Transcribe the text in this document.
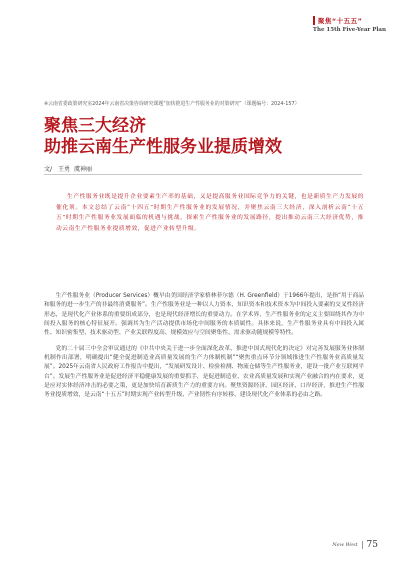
聚焦“十五五”
The 15th Five-Year Plan
※云南省委政策研究室2024年云南省决策咨询研究课题“加快推进生产性服务业的对策研究”（课题编号：2024-157）
聚焦三大经济
助推云南生产性服务业提质增效
文/ 王勇 虞神丽

生产性服务业既是提升企业要素生产率的基础，又是提高服务业国际竞争力的关键，也是新质生产力发展的催化剂。本文总结了云南“十四五”时期生产性服务业的发展情况，并聚焦云南三大经济，深入剖析云南“十五五”时期生产性服务业发展面临的机遇与挑战，探索生产性服务业的发展路径，提出推动云南三大经济优势，推动云南生产性服务业提质增效，促进产业转型升级。

生产性服务业（Producer Services）概早由美国经济学家格林菲尔德（H. Greenfield）于1966年提出，是指“用于商品和服务的进一步生产的非最终消费服务”。生产性服务业是一种以人力资本、知识资本和技术资本为中间投入要素的交叉性经济形态，是现代化产业体系的重要组成部分，也是现代经济增长的重要动力。在学术界，生产性服务业的定义主要围绕其作为中间投入服务的核心特征展开。强调其为生产活动提供市场化中间服务的本质属性。具体来说，生产性服务业具有中间投入属性、知识密集型、技术驱动型、产业关联程度高、规模效应与空间聚集性、需求驱动随规模等特性。

党的二十届三中全会审议通过的《中共中央关于进一步全面深化改革、推进中国式现代化的决定》对完善发展服务业体制机制作出部署，明确提出“健全促进制造业高质量发展的生产力体制机制”“聚焦重点环节分领域推进生产性服务业高质量发展”。2025年云南省人民政府工作报告中提出，“发展研发设计、检验检测、物流仓储等生产性服务业，建设一批产业互联网平台”。发展生产性服务业是促进经济平稳健康发展的重要抓手，是促进制造业、农业高质量发展和实现产业融合的内在要求，更是应对实体经济冲击的必要之策，更是加快培育新质生产力的重要方向。聚焦资源经济、园区经济、口岸经济，推进生产性服务业提质增效，是云南“十五五”时期实现产业转型升级、产业韧性有序转移、建设现代化产业体系的必由之路。

New West 75
